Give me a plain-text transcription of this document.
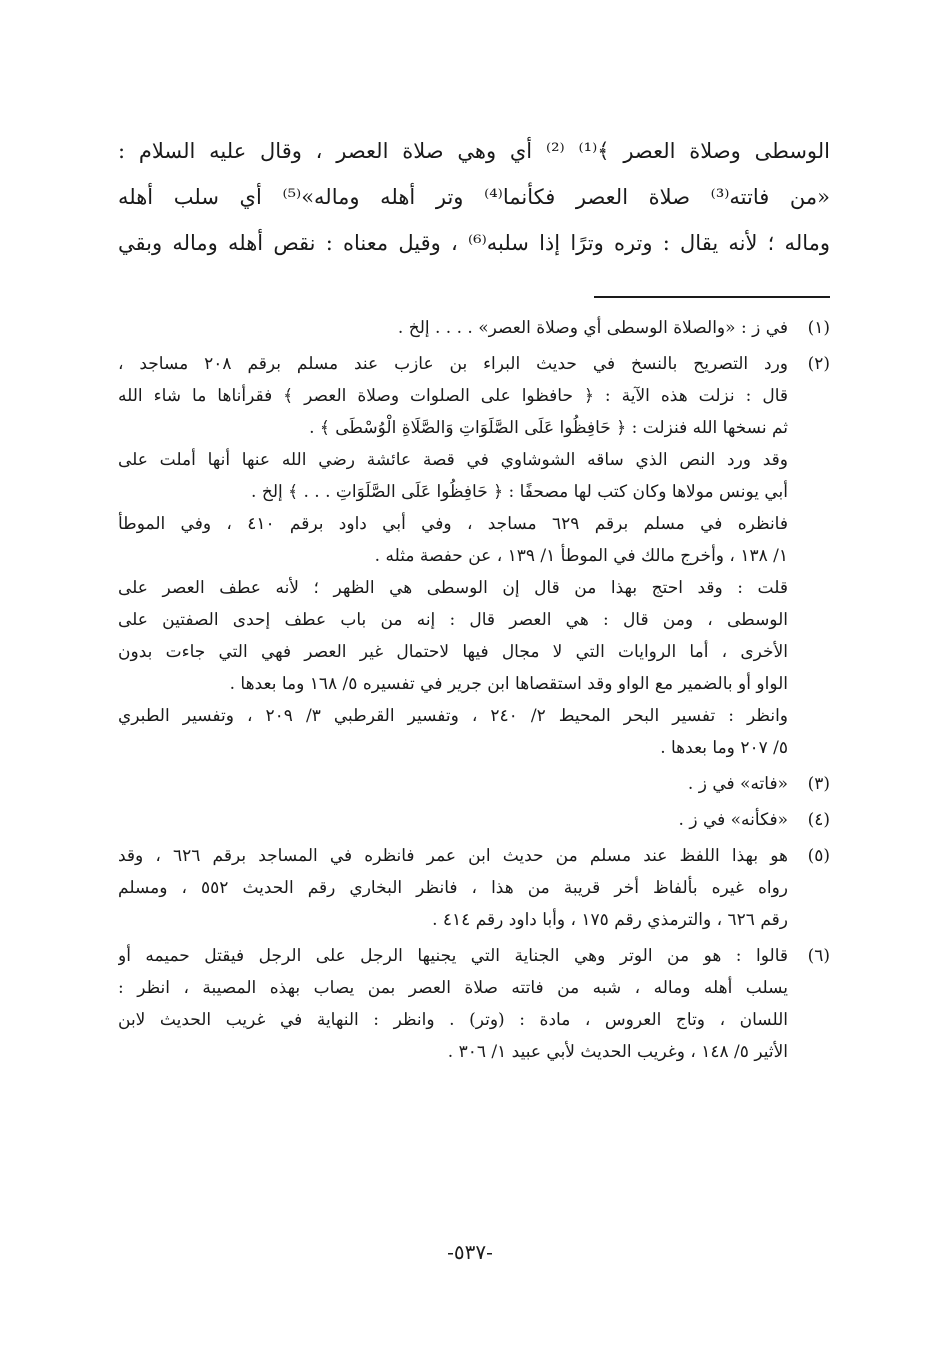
الوسطى وصلاة العصر ﴾⁽¹⁾ ⁽²⁾ أي وهي صلاة العصر ، وقال عليه السلام :
«من فاتته⁽³⁾ صلاة العصر فكأنما⁽⁴⁾ وتر أهله وماله»⁽⁵⁾ أي سلب أهله
وماله ؛ لأنه يقال : وتره وترًا إذا سلبه⁽⁶⁾ ، وقيل معناه : نقص أهله وماله وبقي
(١)
في ز : «والصلاة الوسطى أي وصلاة العصر» . . . . إلخ .
(٢)
ورد التصريح بالنسخ في حديث البراء بن عازب عند مسلم برقم ٢٠٨ مساجد ،
قال : نزلت هذه الآية : ﴿ حافظوا على الصلوات وصلاة العصر ﴾ فقرأناها ما شاء الله
ثم نسخها الله فنزلت : ﴿ حَافِظُوا عَلَى الصَّلَوَاتِ وَالصَّلَاةِ الْوُسْطَى ﴾ .
وقد ورد النص الذي ساقه الشوشاوي في قصة عائشة رضي الله عنها أنها أملت على
أبي يونس مولاها وكان كتب لها مصحفًا : ﴿ حَافِظُوا عَلَى الصَّلَوَاتِ . . . ﴾ إلخ .
فانظره في مسلم برقم ٦٢٩ مساجد ، وفي أبي داود برقم ٤١٠ ، وفي الموطأ
١/ ١٣٨ ، وأخرج مالك في الموطأ ١/ ١٣٩ ، عن حفصة مثله .
قلت : وقد احتج بهذا من قال إن الوسطى هي الظهر ؛ لأنه عطف العصر على
الوسطى ، ومن قال : هي العصر قال : إنه من باب عطف إحدى الصفتين على
الأخرى ، أما الروايات التي لا مجال فيها لاحتمال غير العصر فهي التي جاءت بدون
الواو أو بالضمير مع الواو وقد استقصاها ابن جرير في تفسيره ٥/ ١٦٨ وما بعدها .
وانظر : تفسير البحر المحيط ٢/ ٢٤٠ ، وتفسير القرطبي ٣/ ٢٠٩ ، وتفسير الطبري
٥/ ٢٠٧ وما بعدها .
(٣)
«فاته» في ز .
(٤)
«فكأنه» في ز .
(٥)
هو بهذا اللفظ عند مسلم من حديث ابن عمر فانظره في المساجد برقم ٦٢٦ ، وقد
رواه غيره بألفاظ أخر قريبة من هذا ، فانظر البخاري رقم الحديث ٥٥٢ ، ومسلم
رقم ٦٢٦ ، والترمذي رقم ١٧٥ ، وأبا داود رقم ٤١٤ .
(٦)
قالوا : هو من الوتر وهي الجناية التي يجنيها الرجل على الرجل فيقتل حميمه أو
يسلب أهله وماله ، شبه من فاتته صلاة العصر بمن يصاب بهذه المصيبة ، انظر :
اللسان ، وتاج العروس ، مادة : (وتر) . وانظر : النهاية في غريب الحديث لابن
الأثير ٥/ ١٤٨ ، وغريب الحديث لأبي عبيد ١/ ٣٠٦ .
-٥٣٧-
